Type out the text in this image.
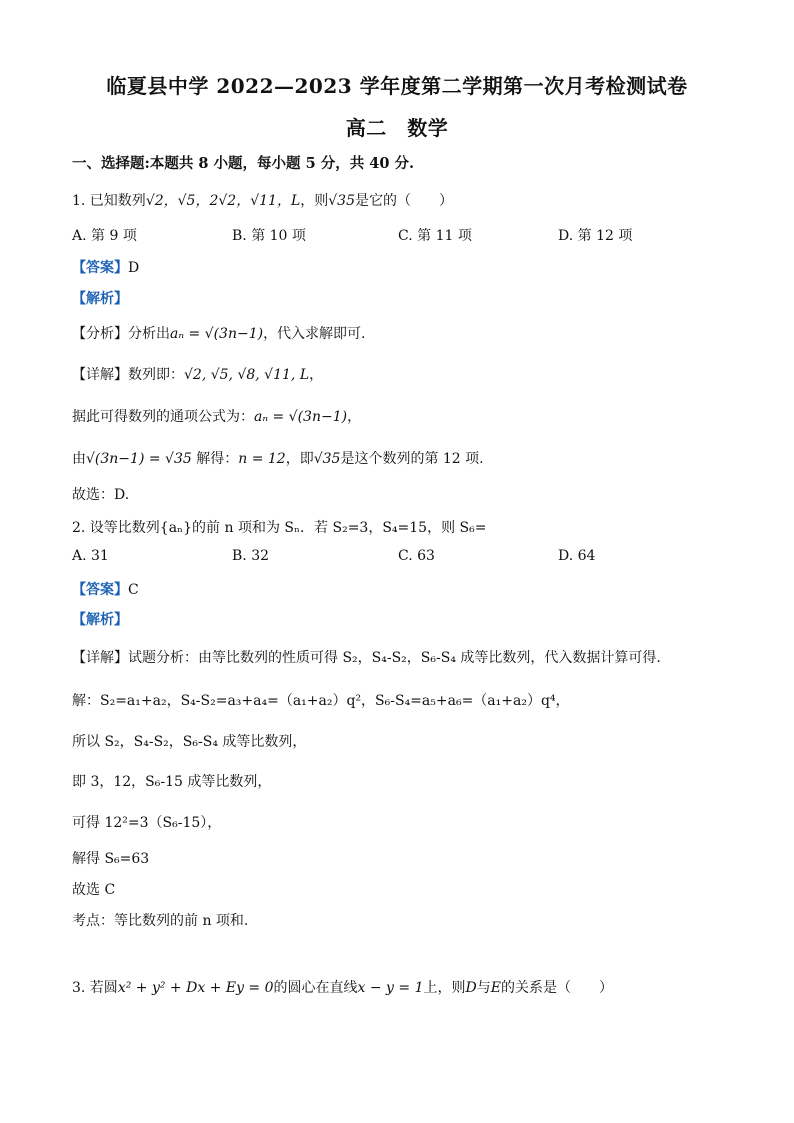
临夏县中学 2022—2023 学年度第二学期第一次月考检测试卷
高二　数学
一、选择题:本题共 8 小题，每小题 5 分，共 40 分.
1. 已知数列√2，√5，2√2，√11，L，则√35是它的（　　）
A. 第 9 项	B. 第 10 项	C. 第 11 项	D. 第 12 项
【答案】D
【解析】
【分析】分析出aₙ = √(3n−1)，代入求解即可.
【详解】数列即：√2, √5, √8, √11, L，
据此可得数列的通项公式为：aₙ = √(3n−1)，
由√(3n−1) = √35 解得：n = 12，即√35是这个数列的第 12 项.
故选：D.
2. 设等比数列{aₙ}的前 n 项和为 Sₙ．若 S₂=3，S₄=15，则 S₆=
A. 31	B. 32	C. 63	D. 64
【答案】C
【解析】
【详解】试题分析：由等比数列的性质可得 S₂，S₄-S₂，S₆-S₄ 成等比数列，代入数据计算可得.
解：S₂=a₁+a₂，S₄-S₂=a₃+a₄=（a₁+a₂）q²，S₆-S₄=a₅+a₆=（a₁+a₂）q⁴，
所以 S₂，S₄-S₂，S₆-S₄ 成等比数列，
即 3，12，S₆-15 成等比数列，
可得 12²=3（S₆-15），
解得 S₆=63
故选 C
考点：等比数列的前 n 项和.
3. 若圆x² + y² + Dx + Ey = 0的圆心在直线x − y = 1上，则D与E的关系是（　　）
